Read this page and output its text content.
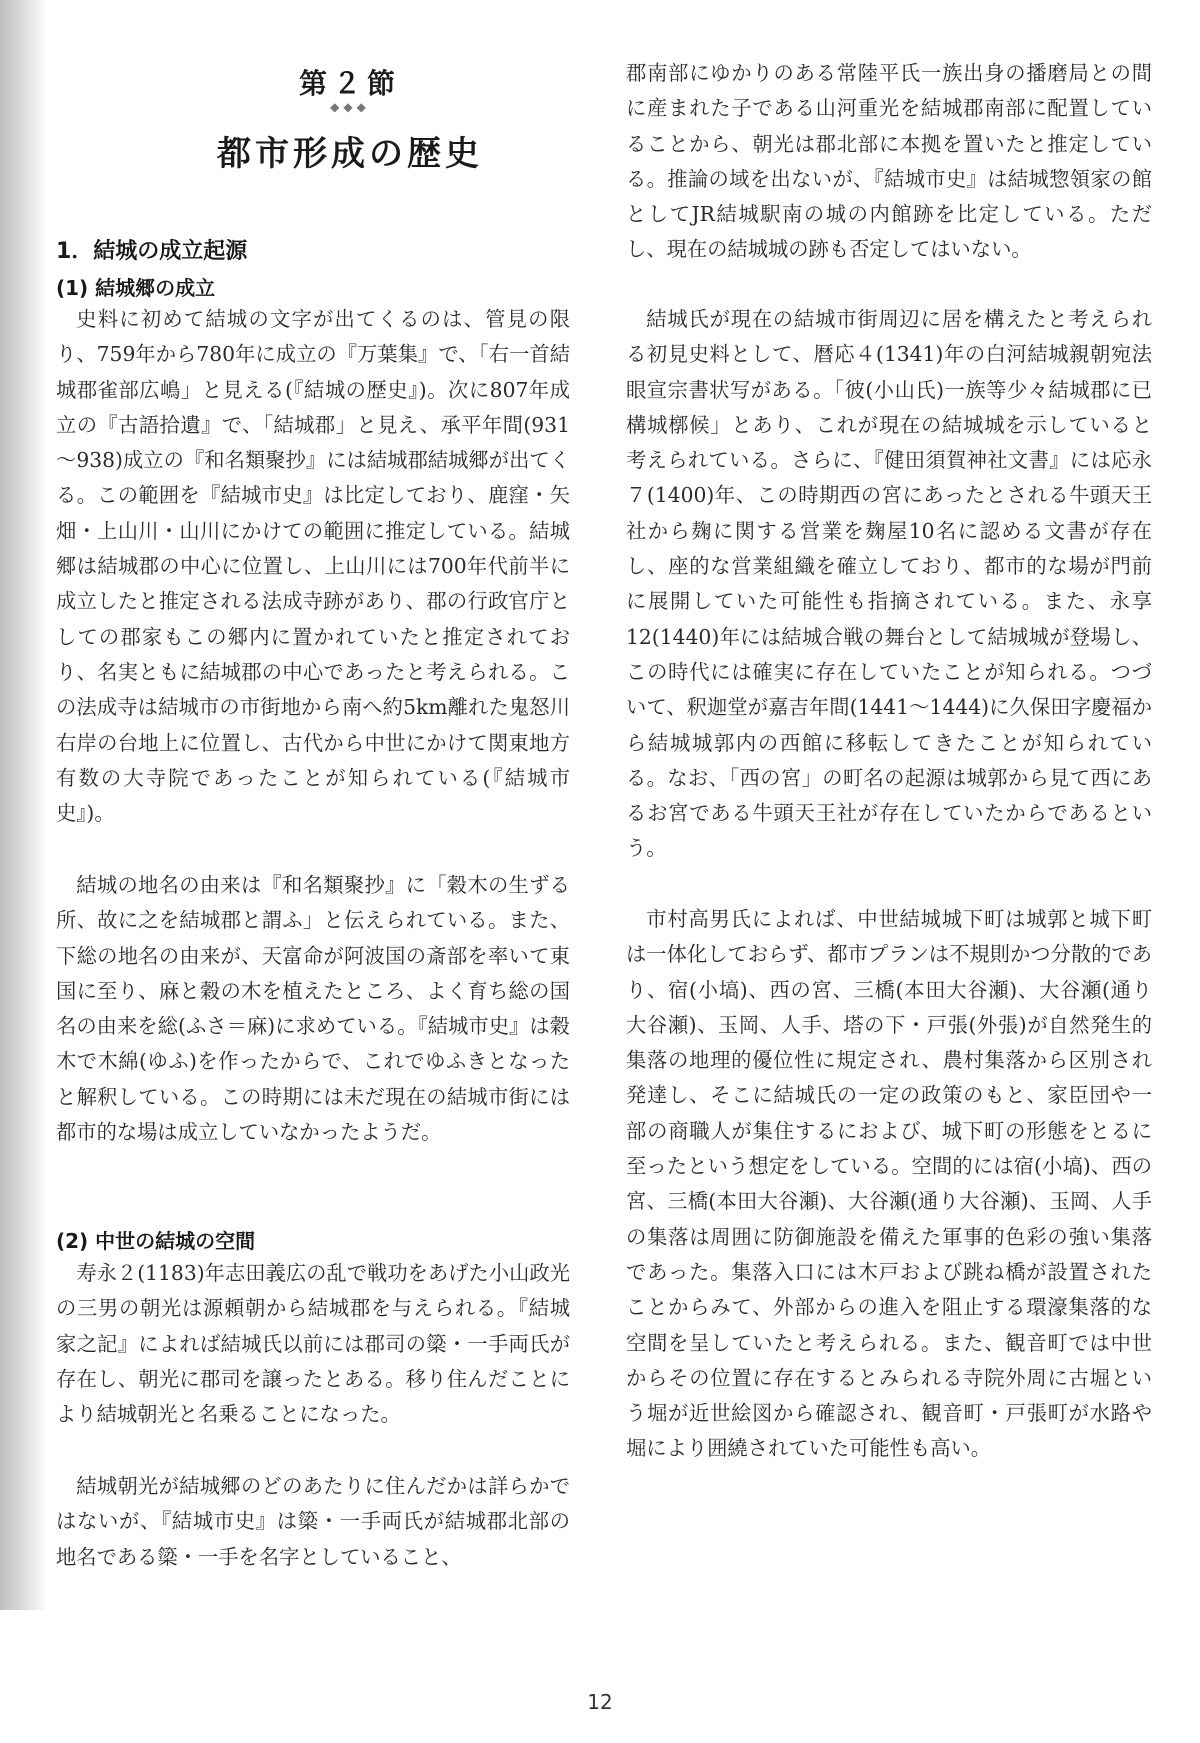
第２節
◆◆◆
都市形成の歴史
1．結城の成立起源
(1) 結城郷の成立

史料に初めて結城の文字が出てくるのは、管見の限り、759年から780年に成立の『万葉集』で、「右一首結城郡雀部広嶋」と見える(『結城の歴史』)。次に807年成立の『古語拾遺』で、「結城郡」と見え、承平年間(931～938)成立の『和名類聚抄』には結城郡結城郷が出てくる。この範囲を『結城市史』は比定しており、鹿窪・矢畑・上山川・山川にかけての範囲に推定している。結城郷は結城郡の中心に位置し、上山川には700年代前半に成立したと推定される法成寺跡があり、郡の行政官庁としての郡家もこの郷内に置かれていたと推定されており、名実ともに結城郡の中心であったと考えられる。この法成寺は結城市の市街地から南へ約5km離れた鬼怒川右岸の台地上に位置し、古代から中世にかけて関東地方有数の大寺院であったことが知られている(『結城市史』)。

結城の地名の由来は『和名類聚抄』に「穀木の生ずる所、故に之を結城郡と謂ふ」と伝えられている。また、下総の地名の由来が、天富命が阿波国の斎部を率いて東国に至り、麻と穀の木を植えたところ、よく育ち総の国名の由来を総(ふさ＝麻)に求めている。『結城市史』は穀木で木綿(ゆふ)を作ったからで、これでゆふきとなったと解釈している。この時期には未だ現在の結城市街には都市的な場は成立していなかったようだ。

(2) 中世の結城の空間

寿永２(1183)年志田義広の乱で戦功をあげた小山政光の三男の朝光は源頼朝から結城郡を与えられる。『結城家之記』によれば結城氏以前には郡司の簗・一手両氏が存在し、朝光に郡司を譲ったとある。移り住んだことにより結城朝光と名乗ることになった。

結城朝光が結城郷のどのあたりに住んだかは詳らかではないが、『結城市史』は簗・一手両氏が結城郡北部の地名である簗・一手を名字としていること、

郡南部にゆかりのある常陸平氏一族出身の播磨局との間に産まれた子である山河重光を結城郡南部に配置していることから、朝光は郡北部に本拠を置いたと推定している。推論の域を出ないが、『結城市史』は結城惣領家の館としてJR結城駅南の城の内館跡を比定している。ただし、現在の結城城の跡も否定してはいない。

結城氏が現在の結城市街周辺に居を構えたと考えられる初見史料として、暦応４(1341)年の白河結城親朝宛法眼宣宗書状写がある。「彼(小山氏)一族等少々結城郡に已構城槨候」とあり、これが現在の結城城を示していると考えられている。さらに、『健田須賀神社文書』には応永７(1400)年、この時期西の宮にあったとされる牛頭天王社から麹に関する営業を麹屋10名に認める文書が存在し、座的な営業組織を確立しており、都市的な場が門前に展開していた可能性も指摘されている。また、永享12(1440)年には結城合戦の舞台として結城城が登場し、この時代には確実に存在していたことが知られる。つづいて、釈迦堂が嘉吉年間(1441～1444)に久保田字慶福から結城城郭内の西館に移転してきたことが知られている。なお、「西の宮」の町名の起源は城郭から見て西にあるお宮である牛頭天王社が存在していたからであるという。

市村高男氏によれば、中世結城城下町は城郭と城下町は一体化しておらず、都市プランは不規則かつ分散的であり、宿(小塙)、西の宮、三橋(本田大谷瀬)、大谷瀬(通り大谷瀬)、玉岡、人手、塔の下・戸張(外張)が自然発生的集落の地理的優位性に規定され、農村集落から区別され発達し、そこに結城氏の一定の政策のもと、家臣団や一部の商職人が集住するにおよび、城下町の形態をとるに至ったという想定をしている。空間的には宿(小塙)、西の宮、三橋(本田大谷瀬)、大谷瀬(通り大谷瀬)、玉岡、人手の集落は周囲に防御施設を備えた軍事的色彩の強い集落であった。集落入口には木戸および跳ね橋が設置されたことからみて、外部からの進入を阻止する環濠集落的な空間を呈していたと考えられる。また、観音町では中世からその位置に存在するとみられる寺院外周に古堀という堀が近世絵図から確認され、観音町・戸張町が水路や堀により囲繞されていた可能性も高い。

12
